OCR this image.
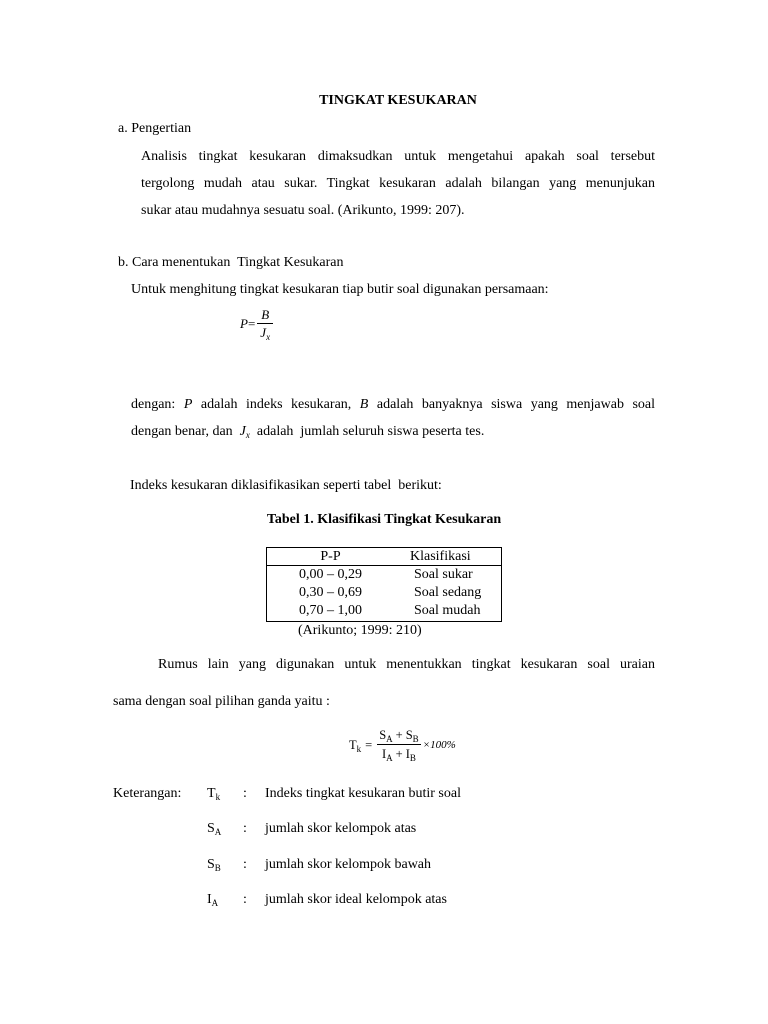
TINGKAT KESUKARAN
a. Pengertian
Analisis tingkat kesukaran dimaksudkan untuk mengetahui apakah soal tersebut
tergolong mudah atau sukar. Tingkat kesukaran adalah bilangan yang menunjukan
sukar atau mudahnya sesuatu soal. (Arikunto, 1999: 207).
b. Cara menentukan  Tingkat Kesukaran
Untuk menghitung tingkat kesukaran tiap butir soal digunakan persamaan:
$P = \frac{B}{J_x}$
dengan: P adalah indeks kesukaran, B adalah banyaknya siswa yang menjawab soal
dengan benar, dan $J_x$ adalah  jumlah seluruh siswa peserta tes.
Indeks kesukaran diklasifikasikan seperti tabel  berikut:
Tabel 1. Klasifikasi Tingkat Kesukaran
P-P	Klasifikasi
0,00 – 0,29	Soal sukar
0,30 – 0,69	Soal sedang
0,70 – 1,00	Soal mudah
(Arikunto; 1999: 210)
Rumus lain yang digunakan untuk menentukkan tingkat kesukaran soal uraian
sama dengan soal pilihan ganda yaitu :
$T_k = \frac{S_A + S_B}{I_A + I_B} \times 100\%$
Keterangan: $T_k$ : Indeks tingkat kesukaran butir soal
$S_A$ : jumlah skor kelompok atas
$S_B$ : jumlah skor kelompok bawah
$I_A$ : jumlah skor ideal kelompok atas
